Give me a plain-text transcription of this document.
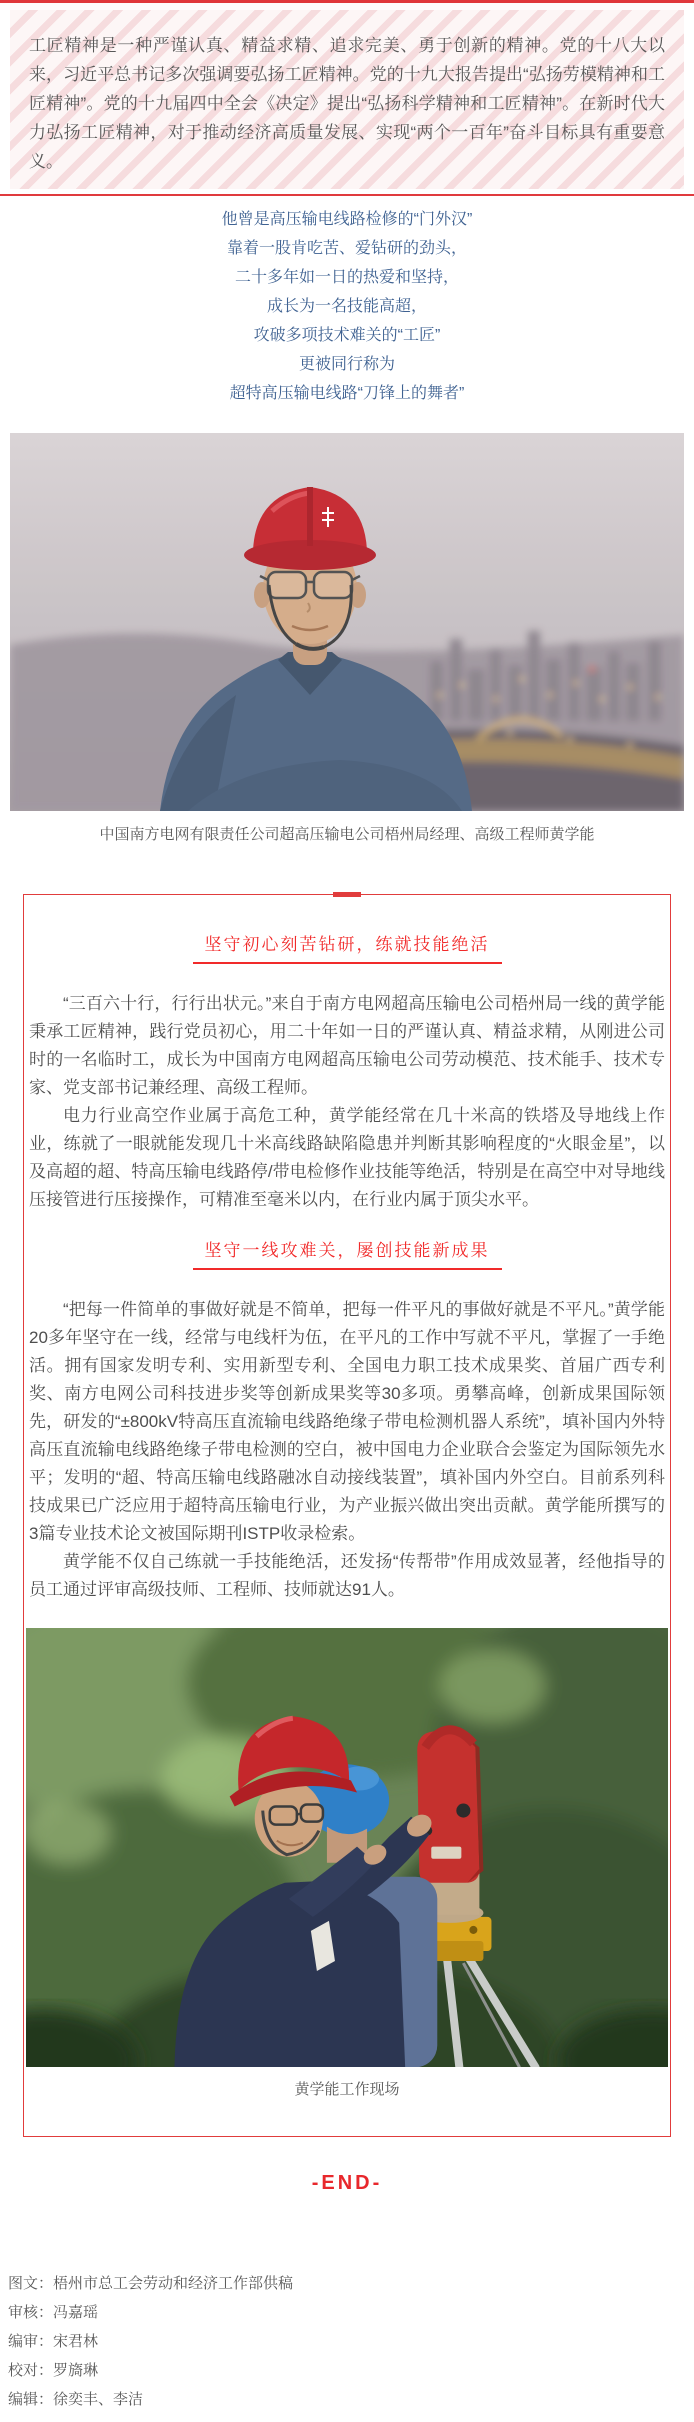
工匠精神是一种严谨认真、精益求精、追求完美、勇于创新的精神。党的十八大以来，习近平总书记多次强调要弘扬工匠精神。党的十九大报告提出“弘扬劳模精神和工匠精神”。党的十九届四中全会《决定》提出“弘扬科学精神和工匠精神”。在新时代大力弘扬工匠精神，对于推动经济高质量发展、实现“两个一百年”奋斗目标具有重要意义。
他曾是高压输电线路检修的“门外汉”
靠着一股肯吃苦、爱钻研的劲头，
二十多年如一日的热爱和坚持，
成长为一名技能高超，
攻破多项技术难关的“工匠”
更被同行称为
超特高压输电线路“刀锋上的舞者”
中国南方电网有限责任公司超高压输电公司梧州局经理、高级工程师黄学能
坚守初心刻苦钻研，练就技能绝活

“三百六十行，行行出状元。”来自于南方电网超高压输电公司梧州局一线的黄学能秉承工匠精神，践行党员初心，用二十年如一日的严谨认真、精益求精，从刚进公司时的一名临时工，成长为中国南方电网超高压输电公司劳动模范、技术能手、技术专家、党支部书记兼经理、高级工程师。

电力行业高空作业属于高危工种，黄学能经常在几十米高的铁塔及导地线上作业，练就了一眼就能发现几十米高线路缺陷隐患并判断其影响程度的“火眼金星”，以及高超的超、特高压输电线路停/带电检修作业技能等绝活，特别是在高空中对导地线压接管进行压接操作，可精准至毫米以内，在行业内属于顶尖水平。

坚守一线攻难关，屡创技能新成果

“把每一件简单的事做好就是不简单，把每一件平凡的事做好就是不平凡。”黄学能20多年坚守在一线，经常与电线杆为伍，在平凡的工作中写就不平凡，掌握了一手绝活。拥有国家发明专利、实用新型专利、全国电力职工技术成果奖、首届广西专利奖、南方电网公司科技进步奖等创新成果奖等30多项。勇攀高峰，创新成果国际领先，研发的“±800kV特高压直流输电线路绝缘子带电检测机器人系统”，填补国内外特高压直流输电线路绝缘子带电检测的空白，被中国电力企业联合会鉴定为国际领先水平；发明的“超、特高压输电线路融冰自动接线装置”，填补国内外空白。目前系列科技成果已广泛应用于超特高压输电行业，为产业振兴做出突出贡献。黄学能所撰写的3篇专业技术论文被国际期刊ISTP收录检索。

黄学能不仅自己练就一手技能绝活，还发扬“传帮带”作用成效显著，经他指导的员工通过评审高级技师、工程师、技师就达91人。

黄学能工作现场
-END-
图文：梧州市总工会劳动和经济工作部供稿
审核：冯嘉瑶
编审：宋君林
校对：罗旖琳
编辑：徐奕丰、李洁
